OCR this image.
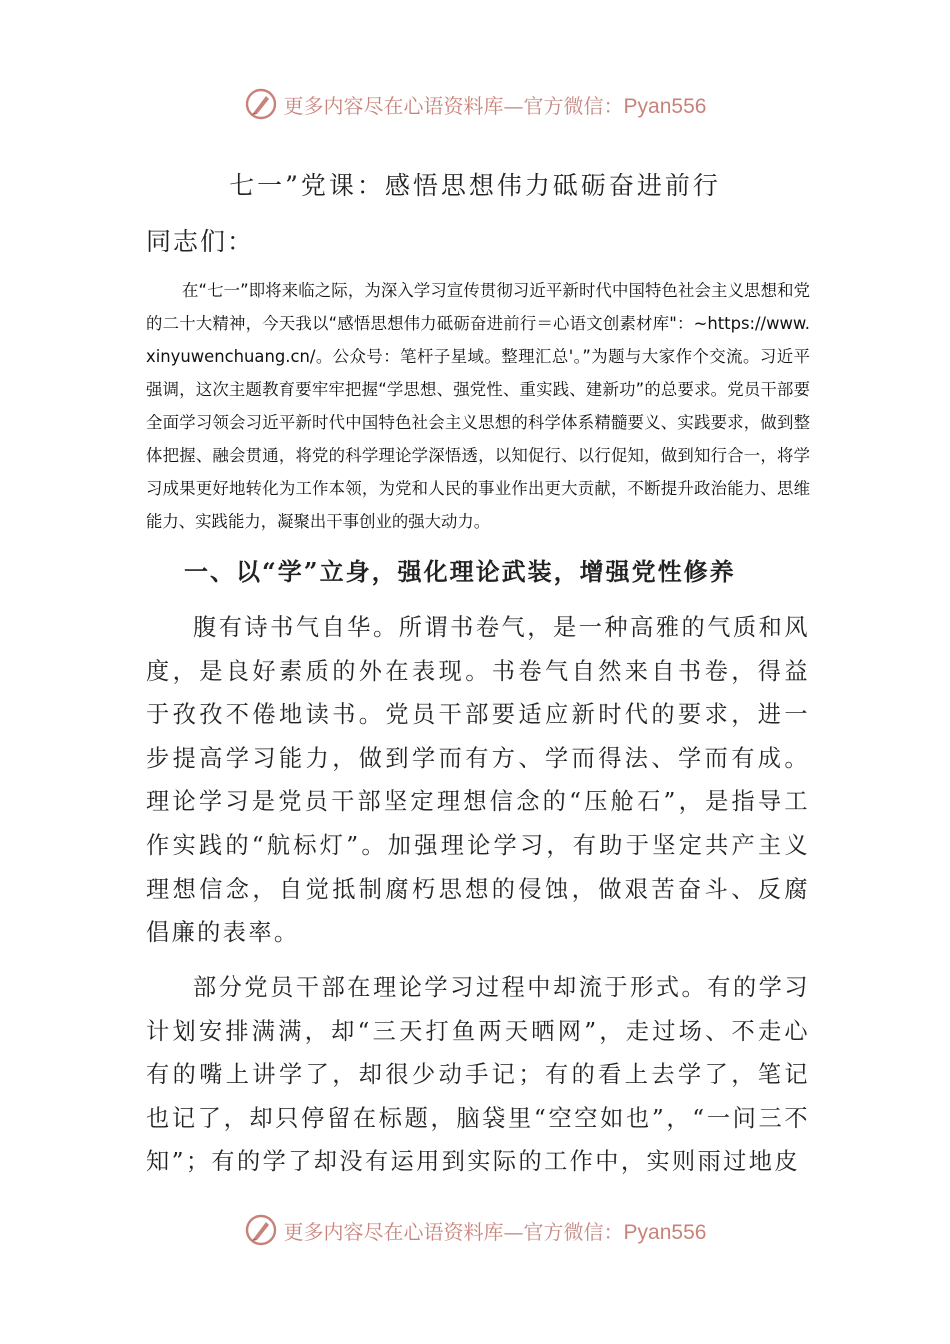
更多内容尽在心语资料库—官方微信：Pyan556
七一”党课：感悟思想伟力砥砺奋进前行
同志们：

在“七一”即将来临之际，为深入学习宣传贯彻习近平新时代中国特色社会主义思想和党的二十大精神，今天我以“感悟思想伟力砥砺奋进前行＝心语文创素材库"：~https://www.xinyuwenchuang.cn/。公众号：笔杆子星域。整理汇总'。”为题与大家作个交流。习近平强调，这次主题教育要牢牢把握“学思想、强党性、重实践、建新功”的总要求。党员干部要全面学习领会习近平新时代中国特色社会主义思想的科学体系精髓要义、实践要求，做到整体把握、融会贯通，将党的科学理论学深悟透，以知促行、以行促知，做到知行合一，将学习成果更好地转化为工作本领，为党和人民的事业作出更大贡献，不断提升政治能力、思维能力、实践能力，凝聚出干事创业的强大动力。

一、以“学”立身，强化理论武装，增强党性修养

腹有诗书气自华。所谓书卷气，是一种高雅的气质和风度，是良好素质的外在表现。书卷气自然来自书卷，得益于孜孜不倦地读书。党员干部要适应新时代的要求，进一步提高学习能力，做到学而有方、学而得法、学而有成。理论学习是党员干部坚定理想信念的“压舱石”，是指导工作实践的“航标灯”。加强理论学习，有助于坚定共产主义理想信念，自觉抵制腐朽思想的侵蚀，做艰苦奋斗、反腐倡廉的表率。

部分党员干部在理论学习过程中却流于形式。有的学习计划安排满满，却“三天打鱼两天晒网”，走过场、不走心有的嘴上讲学了，却很少动手记；有的看上去学了，笔记也记了，却只停留在标题，脑袋里“空空如也”，“一问三不知”；有的学了却没有运用到实际的工作中，实则雨过地皮

更多内容尽在心语资料库—官方微信：Pyan556
